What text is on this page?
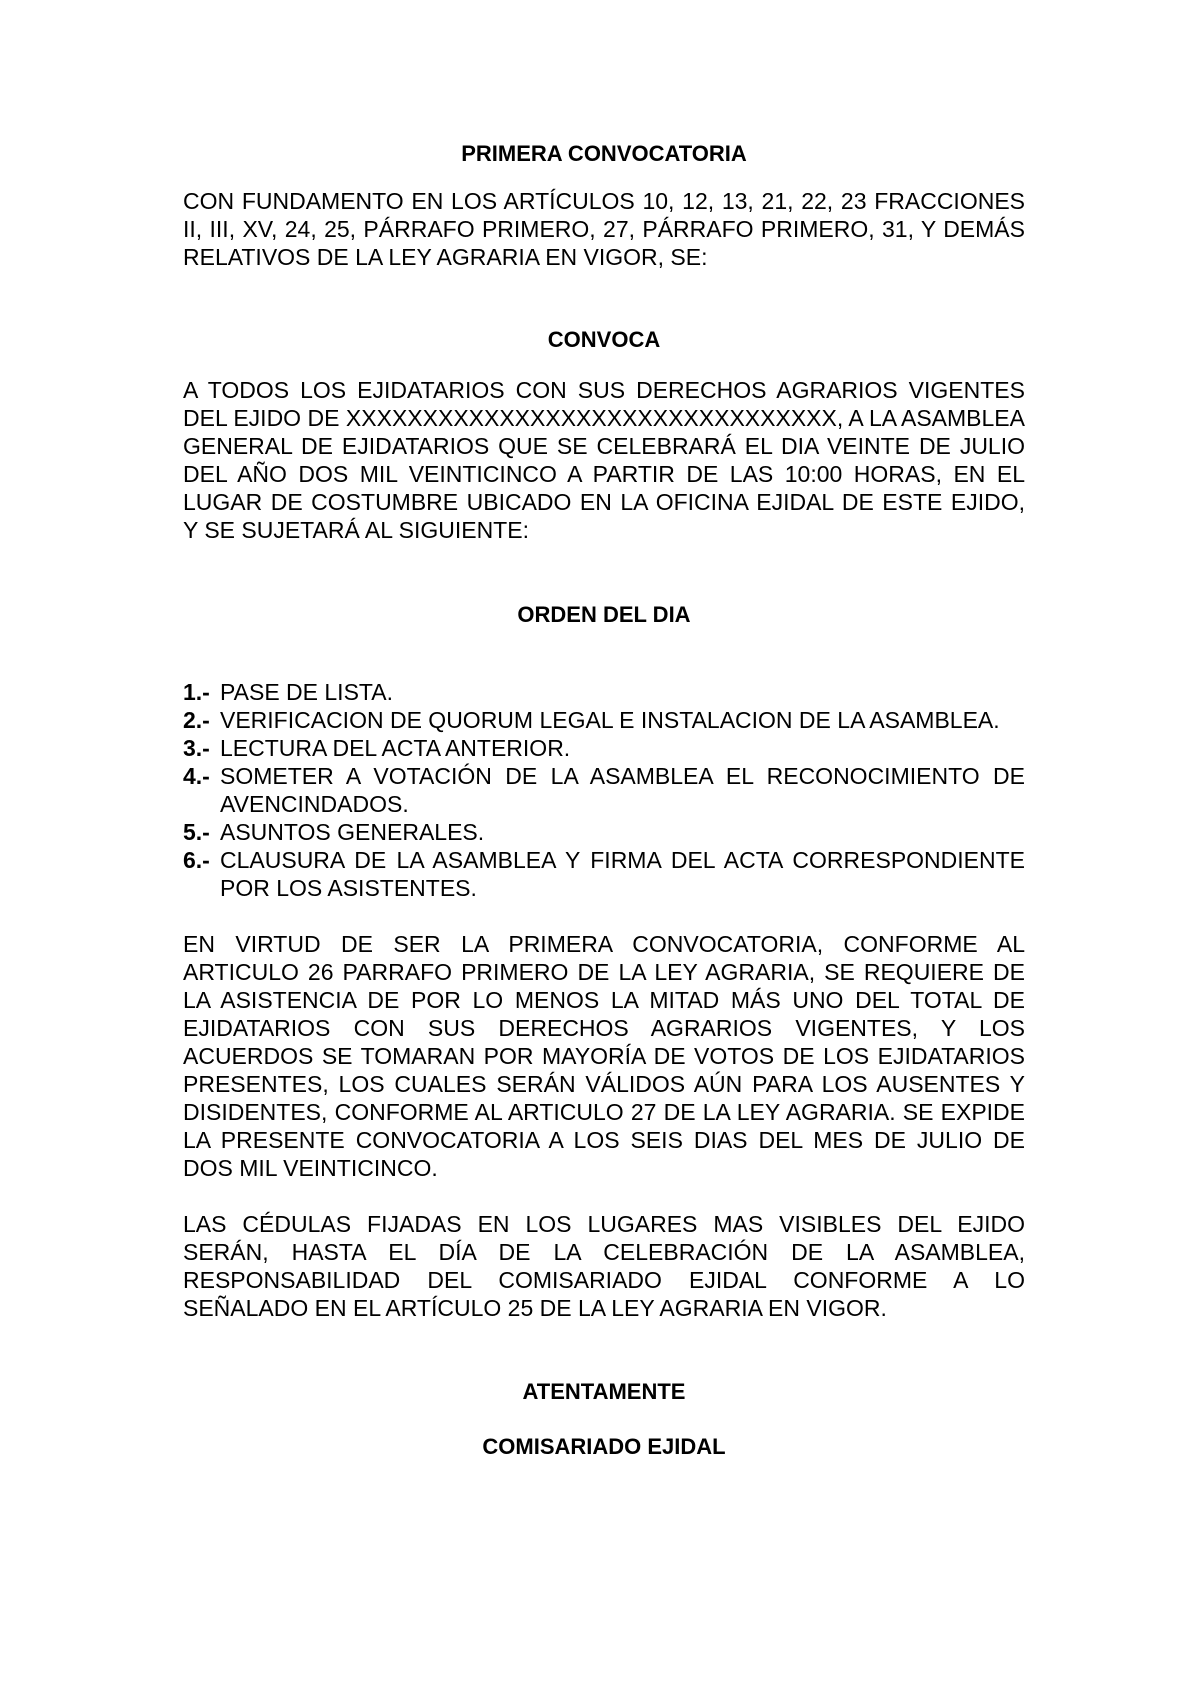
PRIMERA CONVOCATORIA

CON FUNDAMENTO EN LOS ARTÍCULOS 10, 12, 13, 21, 22, 23 FRACCIONES II, III, XV, 24, 25, PÁRRAFO PRIMERO, 27, PÁRRAFO PRIMERO, 31, Y DEMÁS RELATIVOS DE LA LEY AGRARIA EN VIGOR, SE:

CONVOCA

A TODOS LOS EJIDATARIOS CON SUS DERECHOS AGRARIOS VIGENTES DEL EJIDO DE XXXXXXXXXXXXXXXXXXXXXXXXXXXXXXXX, A LA ASAMBLEA GENERAL DE EJIDATARIOS QUE SE CELEBRARÁ EL DIA VEINTE DE JULIO DEL AÑO DOS MIL VEINTICINCO A PARTIR DE LAS 10:00 HORAS, EN EL LUGAR DE COSTUMBRE UBICADO EN LA OFICINA EJIDAL DE ESTE EJIDO, Y SE SUJETARÁ AL SIGUIENTE:

ORDEN DEL DIA

1.- PASE DE LISTA.
2.- VERIFICACION DE QUORUM LEGAL E INSTALACION DE LA ASAMBLEA.
3.- LECTURA DEL ACTA ANTERIOR.
4.- SOMETER A VOTACIÓN DE LA ASAMBLEA EL RECONOCIMIENTO DE AVENCINDADOS.
5.- ASUNTOS GENERALES.
6.- CLAUSURA DE LA ASAMBLEA Y FIRMA DEL ACTA CORRESPONDIENTE POR LOS ASISTENTES.

EN VIRTUD DE SER LA PRIMERA CONVOCATORIA, CONFORME AL ARTICULO 26 PARRAFO PRIMERO DE LA LEY AGRARIA, SE REQUIERE DE LA ASISTENCIA DE POR LO MENOS LA MITAD MÁS UNO DEL TOTAL DE EJIDATARIOS CON SUS DERECHOS AGRARIOS VIGENTES, Y LOS ACUERDOS SE TOMARAN POR MAYORÍA DE VOTOS DE LOS EJIDATARIOS PRESENTES, LOS CUALES SERÁN VÁLIDOS AÚN PARA LOS AUSENTES Y DISIDENTES, CONFORME AL ARTICULO 27 DE LA LEY AGRARIA. SE EXPIDE LA PRESENTE CONVOCATORIA A LOS SEIS DIAS DEL MES DE JULIO DE DOS MIL VEINTICINCO.

LAS CÉDULAS FIJADAS EN LOS LUGARES MAS VISIBLES DEL EJIDO SERÁN, HASTA EL DÍA DE LA CELEBRACIÓN DE LA ASAMBLEA, RESPONSABILIDAD DEL COMISARIADO EJIDAL CONFORME A LO SEÑALADO EN EL ARTÍCULO 25 DE LA LEY AGRARIA EN VIGOR.

ATENTAMENTE

COMISARIADO EJIDAL
